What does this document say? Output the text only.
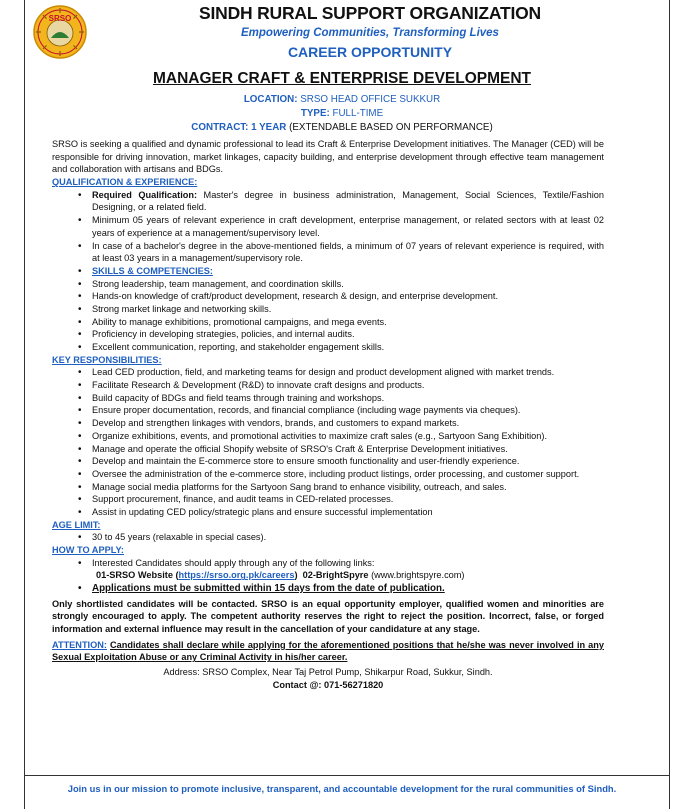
SRSO	SINDH RURAL SUPPORT ORGANIZATION
Empowering Communities, Transforming Lives
CAREER OPPORTUNITY
MANAGER CRAFT & ENTERPRISE DEVELOPMENT
LOCATION: SRSO HEAD OFFICE SUKKUR
TYPE: FULL-TIME
CONTRACT: 1 YEAR (EXTENDABLE BASED ON PERFORMANCE)

SRSO is seeking a qualified and dynamic professional to lead its Craft & Enterprise Development initiatives. The Manager (CED) will be responsible for driving innovation, market linkages, capacity building, and enterprise development through effective team management and collaboration with artisans and BDGs.

QUALIFICATION & EXPERIENCE:
• Required Qualification: Master's degree in business administration, Management, Social Sciences, Textile/Fashion Designing, or a related field.
• Minimum 05 years of relevant experience in craft development, enterprise management, or related sectors with at least 02 years of experience at a management/supervisory level.
• In case of a bachelor's degree in the above-mentioned fields, a minimum of 07 years of relevant experience is required, with at least 03 years in a management/supervisory role.
• SKILLS & COMPETENCIES:
• Strong leadership, team management, and coordination skills.
• Hands-on knowledge of craft/product development, research & design, and enterprise development.
• Strong market linkage and networking skills.
• Ability to manage exhibitions, promotional campaigns, and mega events.
• Proficiency in developing strategies, policies, and internal audits.
• Excellent communication, reporting, and stakeholder engagement skills.
KEY RESPONSIBILITIES:
• Lead CED production, field, and marketing teams for design and product development aligned with market trends.
• Facilitate Research & Development (R&D) to innovate craft designs and products.
• Build capacity of BDGs and field teams through training and workshops.
• Ensure proper documentation, records, and financial compliance (including wage payments via cheques).
• Develop and strengthen linkages with vendors, brands, and customers to expand markets.
• Organize exhibitions, events, and promotional activities to maximize craft sales (e.g., Sartyoon Sang Exhibition).
• Manage and operate the official Shopify website of SRSO's Craft & Enterprise Development initiatives.
• Develop and maintain the E-commerce store to ensure smooth functionality and user-friendly experience.
• Oversee the administration of the e-commerce store, including product listings, order processing, and customer support.
• Manage social media platforms for the Sartyoon Sang brand to enhance visibility, outreach, and sales.
• Support procurement, finance, and audit teams in CED-related processes.
• Assist in updating CED policy/strategic plans and ensure successful implementation
AGE LIMIT:
• 30 to 45 years (relaxable in special cases).
HOW TO APPLY:
• Interested Candidates should apply through any of the following links:
01-SRSO Website (https://srso.org.pk/careers) 02-BrightSpyre (www.brightspyre.com)
• Applications must be submitted within 15 days from the date of publication.

Only shortlisted candidates will be contacted. SRSO is an equal opportunity employer, qualified women and minorities are strongly encouraged to apply. The competent authority reserves the right to reject the position. Incorrect, false, or forged information and external influence may result in the cancellation of your candidature at any stage.

ATTENTION: Candidates shall declare while applying for the aforementioned positions that he/she was never involved in any Sexual Exploitation Abuse or any Criminal Activity in his/her career.

Address: SRSO Complex, Near Taj Petrol Pump, Shikarpur Road, Sukkur, Sindh.
Contact @: 071-56271820
Join us in our mission to promote inclusive, transparent, and accountable development for the rural communities of Sindh.
